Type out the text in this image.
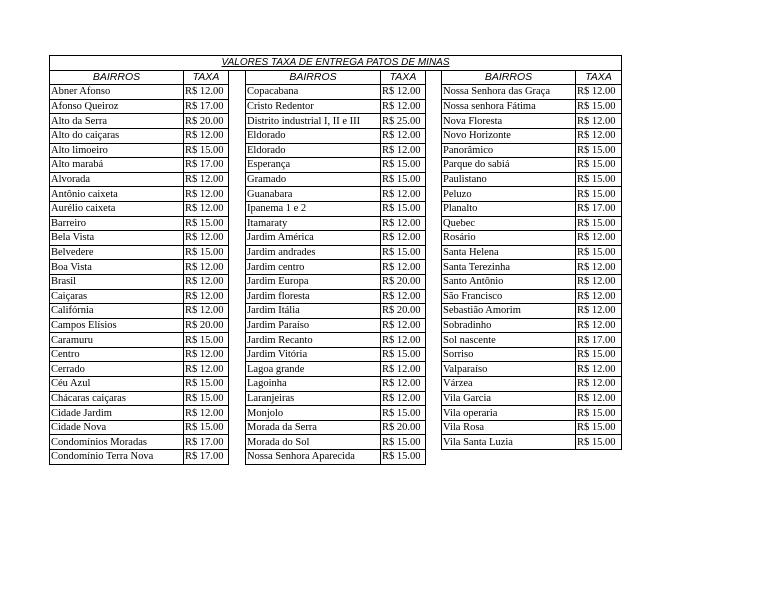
VALORES TAXA DE ENTREGA PATOS DE MINAS							
BAIRROS	TAXA		BAIRROS	TAXA		BAIRROS	TAXA
Abner Afonso	R$ 12.00		Copacabana	R$ 12.00		Nossa Senhora das Graça	R$ 12.00
Afonso Queiroz	R$ 17.00		Cristo Redentor	R$ 12.00		Nossa senhora Fátima	R$ 15.00
Alto da Serra	R$ 20.00		Distrito industrial I, II e III	R$ 25.00		Nova Floresta	R$ 12.00
Alto do caiçaras	R$ 12.00		Eldorado	R$ 12.00		Novo Horizonte	R$ 12.00
Alto limoeiro	R$ 15.00		Eldorado	R$ 12.00		Panorâmico	R$ 15.00
Alto marabá	R$ 17.00		Esperança	R$ 15.00		Parque do sabiá	R$ 15.00
Alvorada	R$ 12.00		Gramado	R$ 15.00		Paulistano	R$ 15.00
Antônio caixeta	R$ 12.00		Guanabara	R$ 12.00		Peluzo	R$ 15.00
Aurélio caixeta	R$ 12.00		Ipanema 1 e 2	R$ 15.00		Planalto	R$ 17.00
Barreiro	R$ 15.00		Itamaraty	R$ 12.00		Quebec	R$ 15.00
Bela Vista	R$ 12.00		Jardim América	R$ 12.00		Rosário	R$ 12.00
Belvedere	R$ 15.00		Jardim andrades	R$ 15.00		Santa Helena	R$ 15.00
Boa Vista	R$ 12.00		Jardim centro	R$ 12.00		Santa Terezinha	R$ 12.00
Brasil	R$ 12.00		Jardim Europa	R$ 20.00		Santo Antônio	R$ 12.00
Caiçaras	R$ 12.00		Jardim floresta	R$ 12.00		São Francisco	R$ 12.00
Califórnia	R$ 12.00		Jardim Itália	R$ 20.00		Sebastião Amorim	R$ 12.00
Campos Elísios	R$ 20.00		Jardim Paraíso	R$ 12.00		Sobradinho	R$ 12.00
Caramuru	R$ 15.00		Jardim Recanto	R$ 12.00		Sol nascente	R$ 17.00
Centro	R$ 12.00		Jardim Vitória	R$ 15.00		Sorriso	R$ 15.00
Cerrado	R$ 12.00		Lagoa grande	R$ 12.00		Valparaíso	R$ 12.00
Céu Azul	R$ 15.00		Lagoinha	R$ 12.00		Várzea	R$ 12.00
Chácaras caiçaras	R$ 15.00		Laranjeiras	R$ 12.00		Vila Garcia	R$ 12.00
Cidade Jardim	R$ 12.00		Monjolo	R$ 15.00		Vila operaria	R$ 15.00
Cidade Nova	R$ 15.00		Morada da Serra	R$ 20.00		Vila Rosa	R$ 15.00
Condomínios Moradas	R$ 17.00		Morada do Sol	R$ 15.00		Vila Santa Luzia	R$ 15.00
Condomínio Terra Nova	R$ 17.00		Nossa Senhora Aparecida	R$ 15.00			
